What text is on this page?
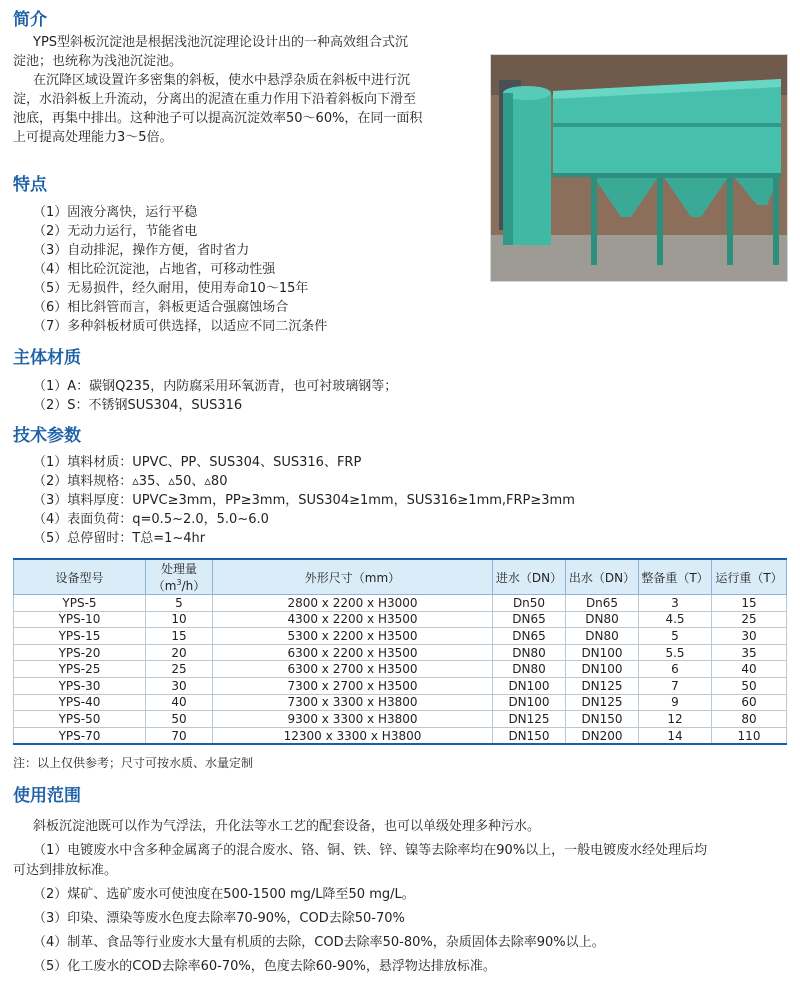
简介

YPS型斜板沉淀池是根据浅池沉淀理论设计出的一种高效组合式沉

淀池；也统称为浅池沉淀池。

在沉降区域设置许多密集的斜板，使水中悬浮杂质在斜板中进行沉

淀，水沿斜板上升流动，分离出的泥渣在重力作用下沿着斜板向下滑至

池底，再集中排出。这种池子可以提高沉淀效率50～60%，在同一面积

上可提高处理能力3～5倍。

特点

（1）固液分离快，运行平稳

（2）无动力运行，节能省电

（3）自动排泥，操作方便，省时省力

（4）相比砼沉淀池，占地省，可移动性强

（5）无易损件，经久耐用，使用寿命10～15年

（6）相比斜管而言，斜板更适合强腐蚀场合

（7）多种斜板材质可供选择，以适应不同二沉条件

主体材质

（1）A：碳钢Q235，内防腐采用环氧沥青，也可衬玻璃钢等；

（2）S：不锈钢SUS304，SUS316

技术参数

（1）填料材质：UPVC、PP、SUS304、SUS316、FRP

（2）填料规格：▵35、▵50、▵80

（3）填料厚度：UPVC≥3mm，PP≥3mm，SUS304≥1mm，SUS316≥1mm,FRP≥3mm

（4）表面负荷：q=0.5~2.0，5.0~6.0

（5）总停留时：T总=1~4hr

设备型号	处理量$(m^3/h)$	外形尺寸（mm）	进水（DN）	出水（DN）	整备重（T）	运行重（T）
YPS-5	5	2800 x 2200 x H3000	Dn50	Dn65	3	15
YPS-10	10	4300 x 2200 x H3500	DN65	DN80	4.5	25
YPS-15	15	5300 x 2200 x H3500	DN65	DN80	5	30
YPS-20	20	6300 x 2200 x H3500	DN80	DN100	5.5	35
YPS-25	25	6300 x 2700 x H3500	DN80	DN100	6	40
YPS-30	30	7300 x 2700 x H3500	DN100	DN125	7	50
YPS-40	40	7300 x 3300 x H3800	DN100	DN125	9	60
YPS-50	50	9300 x 3300 x H3800	DN125	DN150	12	80
YPS-70	70	12300 x 3300 x H3800	DN150	DN200	14	110

注：以上仅供参考；尺寸可按水质、水量定制

使用范围

斜板沉淀池既可以作为气浮法，升化法等水工艺的配套设备，也可以单级处理多种污水。

（1）电镀废水中含多种金属离子的混合废水、铬、铜、铁、锌、镍等去除率均在90%以上，一般电镀废水经处理后均

可达到排放标准。

（2）煤矿、选矿废水可使浊度在500-1500 mg/L降至50 mg/L。

（3）印染、漂染等废水色度去除率70-90%，COD去除50-70%

（4）制革、食品等行业废水大量有机质的去除，COD去除率50-80%，杂质固体去除率90%以上。

（5）化工废水的COD去除率60-70%，色度去除60-90%，悬浮物达排放标准。
